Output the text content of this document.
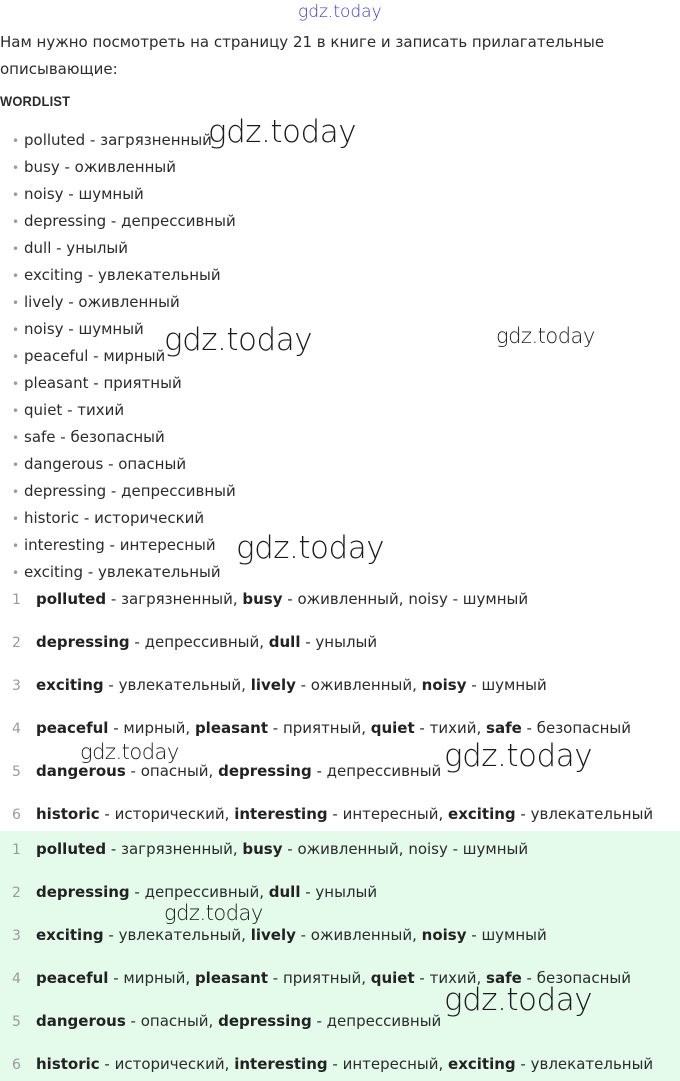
gdz.today

Нам нужно посмотреть на страницу 21 в книге и записать прилагательные описывающие:

WORDLIST
• polluted - загрязненный
• busy - оживленный
• noisy - шумный
• depressing - депрессивный
• dull - унылый
• exciting - увлекательный
• lively - оживленный
• noisy - шумный
• peaceful - мирный
• pleasant - приятный
• quiet - тихий
• safe - безопасный
• dangerous - опасный
• depressing - депрессивный
• historic - исторический
• interesting - интересный
• exciting - увлекательный
1 polluted - загрязненный, busy - оживленный, noisy - шумный
2 depressing - депрессивный, dull - унылый
3 exciting - увлекательный, lively - оживленный, noisy - шумный
4 peaceful - мирный, pleasant - приятный, quiet - тихий, safe - безопасный
5 dangerous - опасный, depressing - депрессивный
6 historic - исторический, interesting - интересный, exciting - увлекательный
1 polluted - загрязненный, busy - оживленный, noisy - шумный
2 depressing - депрессивный, dull - унылый
3 exciting - увлекательный, lively - оживленный, noisy - шумный
4 peaceful - мирный, pleasant - приятный, quiet - тихий, safe - безопасный
5 dangerous - опасный, depressing - депрессивный
6 historic - исторический, interesting - интересный, exciting - увлекательный
gdz.today
gdz.today	gdz.today
gdz.today
gdz.today	gdz.today
gdz.today
gdz.today
